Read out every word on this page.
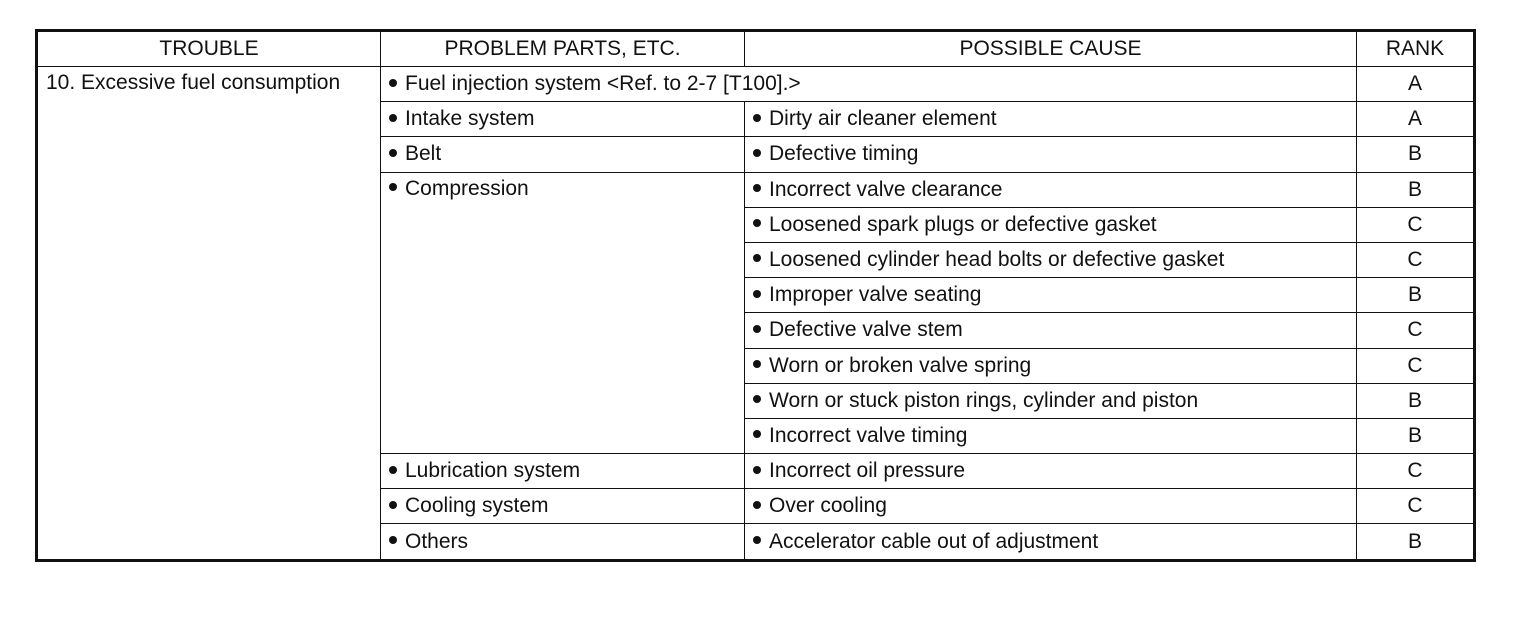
TROUBLE	PROBLEM PARTS, ETC.	POSSIBLE CAUSE	RANK
10. Excessive fuel consumption	Fuel injection system <Ref. to 2-7 [T100].>		A
	Intake system	Dirty air cleaner element	A
	Belt	Defective timing	B
	Compression	Incorrect valve clearance	B
		Loosened spark plugs or defective gasket	C
		Loosened cylinder head bolts or defective gasket	C
		Improper valve seating	B
		Defective valve stem	C
		Worn or broken valve spring	C
		Worn or stuck piston rings, cylinder and piston	B
		Incorrect valve timing	B
	Lubrication system	Incorrect oil pressure	C
	Cooling system	Over cooling	C
	Others	Accelerator cable out of adjustment	B
